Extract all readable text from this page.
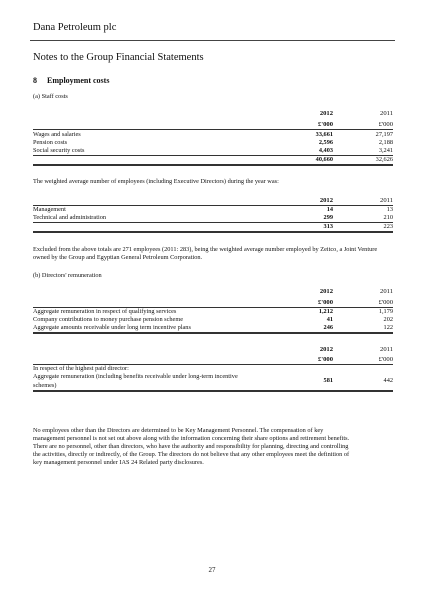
Dana Petroleum plc
Notes to the Group Financial Statements
8 Employment costs
(a) Staff costs
2012	2011
£'000	£'000
Wages and salaries	33,661	27,197
Pension costs	2,596	2,188
Social security costs	4,403	3,241
40,660	32,626
The weighted average number of employees (including Executive Directors) during the year was:
2012	2011
Management	14	13
Technical and administration	299	210
313	223
Excluded from the above totals are 271 employees (2011: 283), being the weighted average number employed by Zeitco, a Joint Venture owned by the Group and Egyptian General Petroleum Corporation.
(b) Directors' remuneration
2012	2011
£'000	£'000
Aggregate remuneration in respect of qualifying services	1,212	1,179
Company contributions to money purchase pension scheme	41	202
Aggregate amounts receivable under long term incentive plans	246	122
2012	2011
£'000	£'000
In respect of the highest paid director:
Aggregate remuneration (including benefits receivable under long-term incentive
schemes)
581	442
No employees other than the Directors are determined to be Key Management Personnel. The compensation of key
management personnel is not set out above along with the information concerning their share options and retirement benefits.
There are no personnel, other than directors, who have the authority and responsibility for planning, directing and controlling
the activities, directly or indirectly, of the Group. The directors do not believe that any other employees meet the definition of
key management personnel under IAS 24 Related party disclosures.
27
